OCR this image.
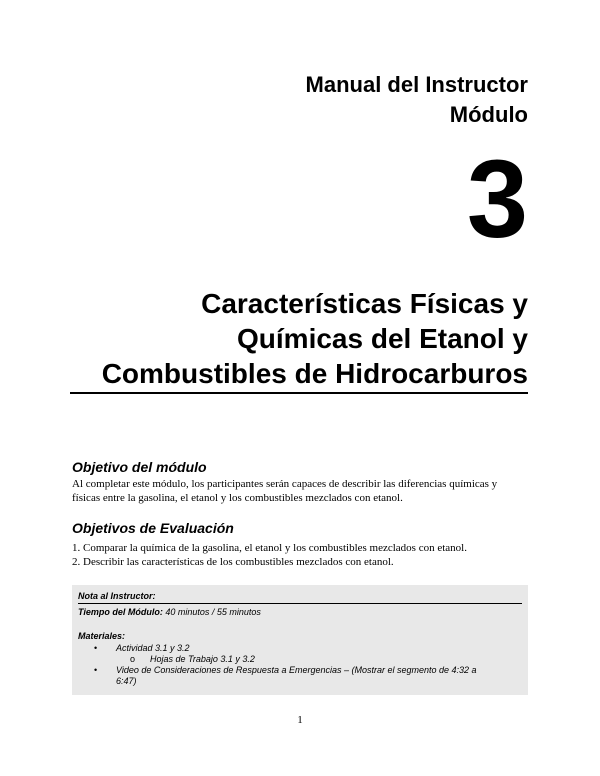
Manual del Instructor
Módulo
3
Características Físicas y
Químicas del Etanol y
Combustibles de Hidrocarburos
Objetivo del módulo
Al completar este módulo, los participantes serán capaces de describir las diferencias químicas y
físicas entre la gasolina, el etanol y los combustibles mezclados con etanol.
Objetivos de Evaluación
1. Comparar la química de la gasolina, el etanol y los combustibles mezclados con etanol.
2. Describir las características de los combustibles mezclados con etanol.
Nota al Instructor:
Tiempo del Módulo: 40 minutos / 55 minutos
Materiales:
• Actividad 3.1 y 3.2
o Hojas de Trabajo 3.1 y 3.2
• Video de Consideraciones de Respuesta a Emergencias – (Mostrar el segmento de 4:32 a
6:47)
1
